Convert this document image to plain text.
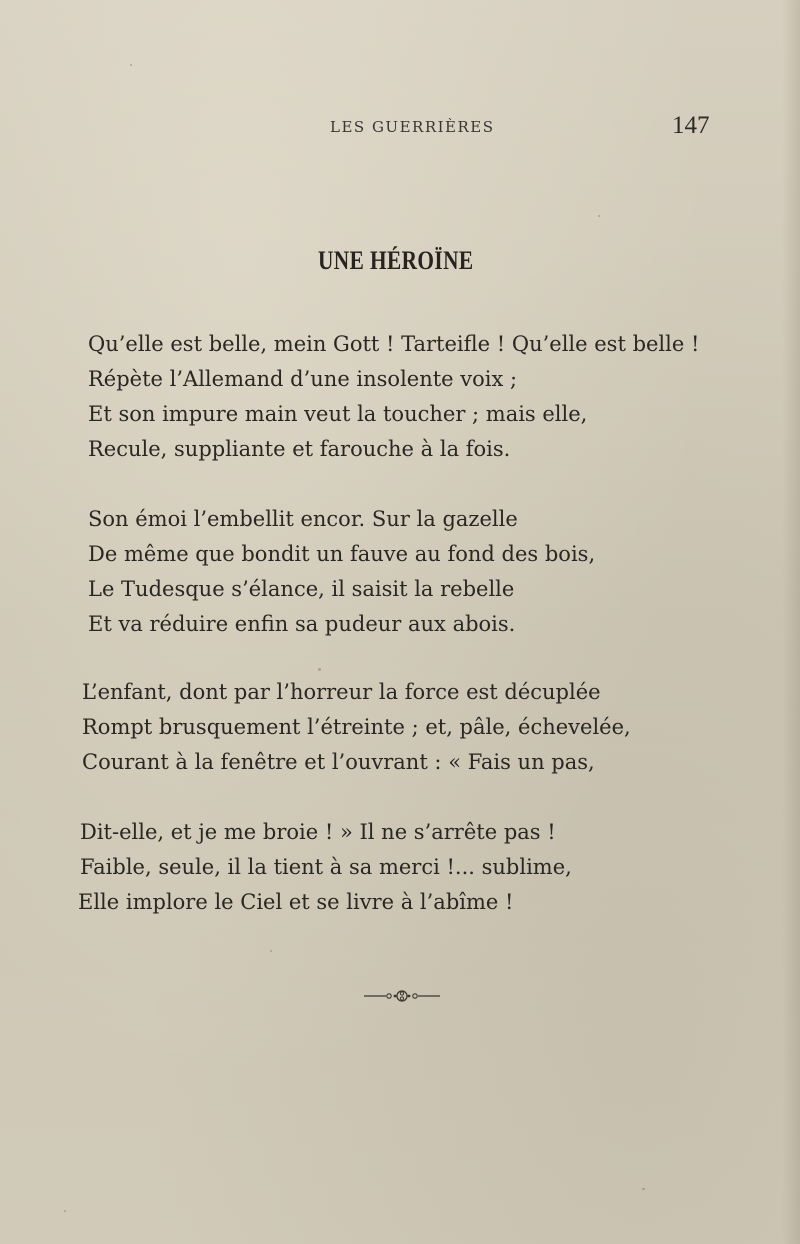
LES GUERRIÈRES	147
UNE HÉROÏNE
Qu’elle est belle, mein Gott ! Tarteifle ! Qu’elle est belle !
Répète l’Allemand d’une insolente voix ;
Et son impure main veut la toucher ; mais elle,
Recule, suppliante et farouche à la fois.
Son émoi l’embellit encor. Sur la gazelle
De même que bondit un fauve au fond des bois,
Le Tudesque s’élance, il saisit la rebelle
Et va réduire enfin sa pudeur aux abois.
L’enfant, dont par l’horreur la force est décuplée
Rompt brusquement l’étreinte ; et, pâle, échevelée,
Courant à la fenêtre et l’ouvrant : « Fais un pas,
Dit-elle, et je me broie ! » Il ne s’arrête pas !
Faible, seule, il la tient à sa merci !... sublime,
Elle implore le Ciel et se livre à l’abîme !
